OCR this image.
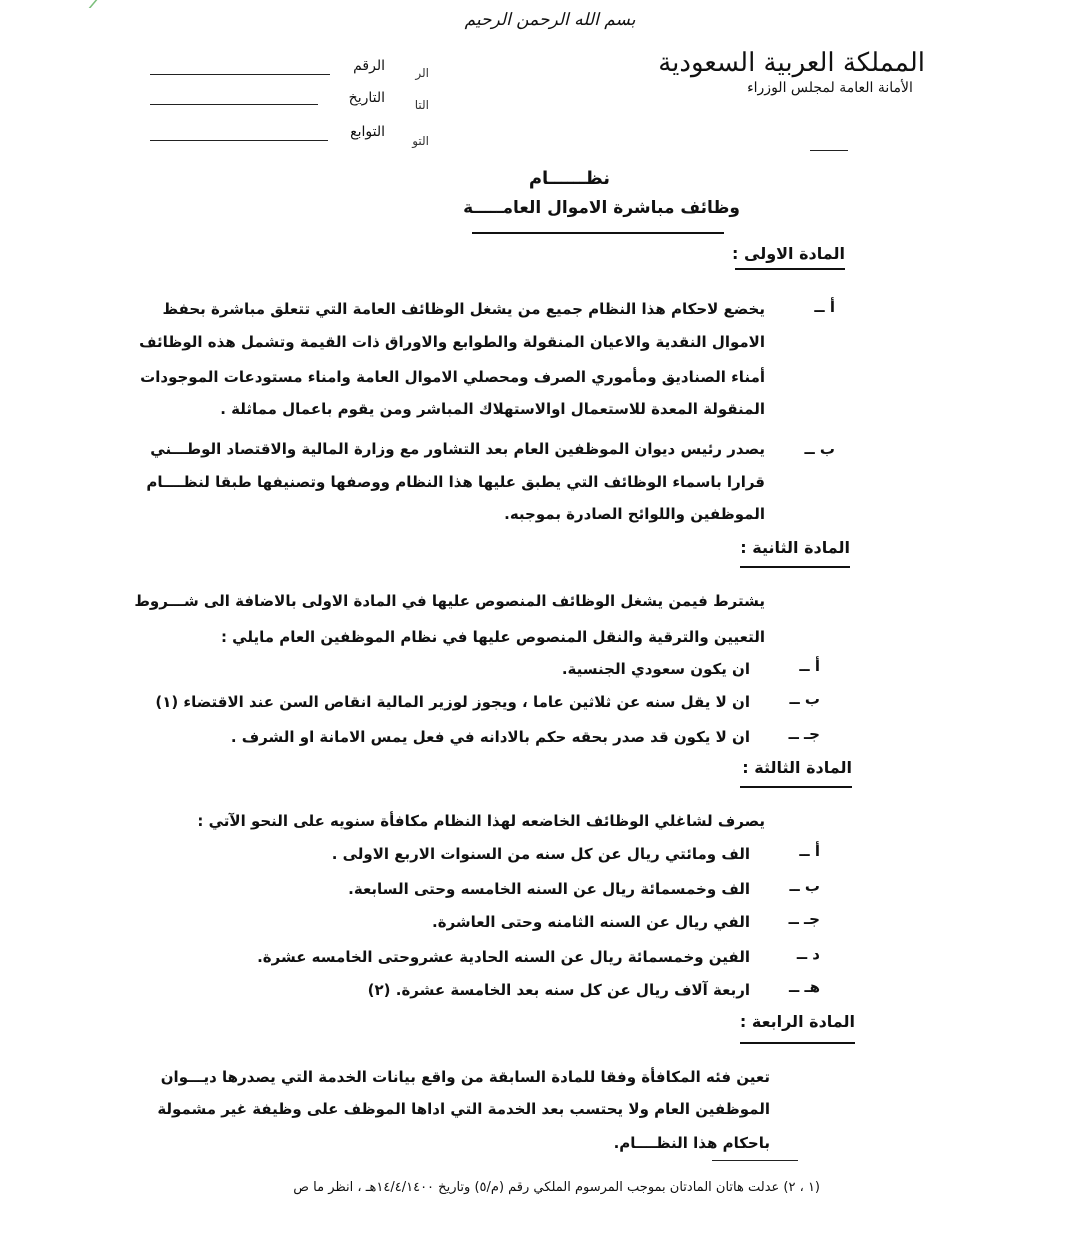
بسم الله الرحمن الرحيم
الرقم	الر
التاريخ	التا
التوابع
التو
المملكة العربية السعودية
الأمانة العامة لمجلس الوزراء
نظــــــام
وظائف مباشرة الاموال العامـــــة
المادة الاولى :
أ ــ
يخضع لاحكام هذا النظام جميع من يشغل الوظائف العامة التي تتعلق مباشرة بحفظ
الاموال النقدية والاعيان المنقولة والطوابع والاوراق ذات القيمة وتشمل هذه الوظائف
أمناء الصناديق ومأموري الصرف ومحصلي الاموال العامة وامناء مستودعات الموجودات
المنقولة المعدة للاستعمال اوالاستهلاك المباشر ومن يقوم باعمال مماثلة .
ب ــ
يصدر رئيس ديوان الموظفين العام بعد التشاور مع وزارة المالية والاقتصاد الوطـــني
قرارا باسماء الوظائف التي يطبق عليها هذا النظام ووصفها وتصنيفها طبقا لنظــــام
الموظفين واللوائح الصادرة بموجبه.
المادة الثانية :
يشترط فيمن يشغل الوظائف المنصوص عليها في المادة الاولى بالاضافة الى شـــروط
التعيين والترقية والنقل المنصوص عليها في نظام الموظفين العام مايلي :
أ ــ
ان يكون سعودي الجنسية.
ب ــ
ان لا يقل سنه عن ثلاثين عاما ، ويجوز لوزير المالية انقاص السن عند الاقتضاء (١)
جـ ــ
ان لا يكون قد صدر بحقه حكم بالادانه في فعل يمس الامانة او الشرف .
المادة الثالثة :
يصرف لشاغلي الوظائف الخاضعه لهذا النظام مكافأة سنويه على النحو الآتي :
أ ــ
الف ومائتي ريال عن كل سنه من السنوات الاربع الاولى .
ب ــ
الف وخمسمائة ريال عن السنه الخامسه وحتى السابعة.
جـ ــ
الفي ريال عن السنه الثامنه وحتى العاشرة.
د ــ
الفين وخمسمائة ريال عن السنه الحادية عشروحتى الخامسه عشرة.
هـ ــ
اربعة آلاف ريال عن كل سنه بعد الخامسة عشرة. (٢)
المادة الرابعة :
تعين فئه المكافأة وفقا للمادة السابقة من واقع بيانات الخدمة التي يصدرها ديـــوان
الموظفين العام ولا يحتسب بعد الخدمة التي اداها الموظف على وظيفة غير مشمولة
باحكام هذا النظــــام.
(١ ، ٢) عدلت هاتان المادتان بموجب المرسوم الملكي رقم (م/٥) وتاريخ ١٤/٤/١٤٠٠هـ ، انظر ما ص
